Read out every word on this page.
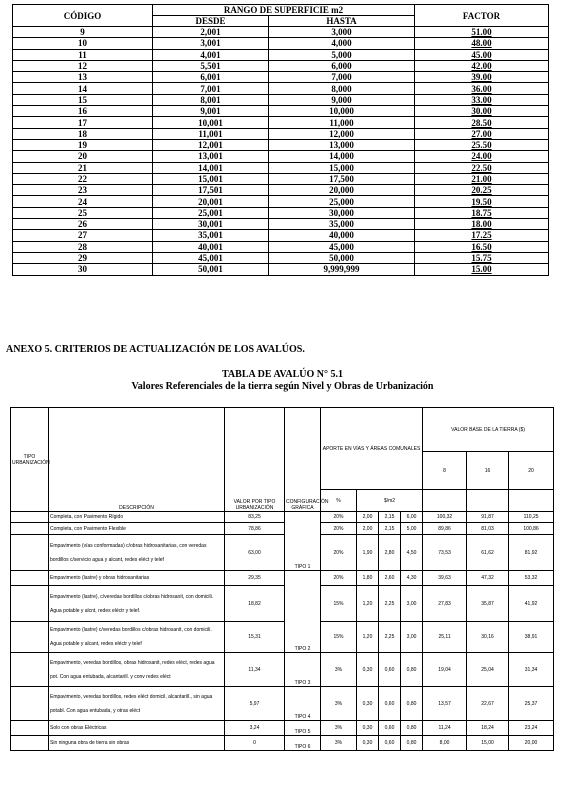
CÓDIGO	RANGO DE SUPERFICIE m2		FACTOR
	DESDE	HASTA	
9	2,001	3,000	51.00
10	3,001	4,000	48.00
11	4,001	5,000	45.00
12	5,501	6,000	42.00
13	6,001	7,000	39.00
14	7,001	8,000	36.00
15	8,001	9,000	33.00
16	9,001	10,000	30.00
17	10,001	11,000	28.50
18	11,001	12,000	27.00
19	12,001	13,000	25.50
20	13,001	14,000	24.00
21	14,001	15,000	22.50
22	15,001	17,500	21.00
23	17,501	20,000	20.25
24	20,001	25,000	19.50
25	25,001	30,000	18.75
26	30,001	35,000	18.00
27	35,001	40,000	17.25
28	40,001	45,000	16.50
29	45,001	50,000	15.75
30	50,001	9,999,999	15.00
ANEXO 5. CRITERIOS DE ACTUALIZACIÓN DE LOS AVALÚOS.
TABLA DE AVALÚO N° 5.1
Valores Referenciales de la tierra según Nivel y Obras de Urbanización
TIPO URBANIZACIÓN	DESCRIPCIÓN	VALOR POR TIPO URBANIZACIÓN	CONFIGURACIÓN GRÁFICA	APORTE EN VÍAS Y ÁREAS COMUNALES				VALOR BASE DE LA TIERRA ($)		
								8	16	20
				%	$/m2					
	Completa, con Pavimento Rígido	83,25	TIPO 1	20%	2,00	2,15	6,00	100,32	91,87	110,25
	Completa, con Pavimento Flexible	78,86		20%	2,00	2,15	5,00	89,86	81,03	100,86
	Empavimento (vías conformadas) c/obras hidrosanitarias, con veredas bordillos c/servicio agua y alcant, redes eléct y telef	63,00		20%	1,90	2,80	4,50	73,53	61,62	81,92
	Empavimento (lastre) y obras hidrosanitarias	29,35	TIPO 2	20%	1,80	2,60	4,30	39,63	47,32	53,32
	Empavimento (lastre), c/veredas bordillos c/obras hidrosanit, con domicili. Agua potable y alcnt, redes eléctr y telef.	18,82		15%	1,20	2,25	3,00	27,83	35,87	41,92
	Empavimento (lastre) c/veredas bordillos c/obras hidrosanit, con domicili. Agua potable y alcant, redes eléctr y telef	15,31		15%	1,20	2,25	3,00	25,11	30,16	38,91
	Empavimento, veredas bordillos, obras hidrosanit, redes eléct, redes agua pot. Con agua entubada, alcantarill. y conv redes eléct	11,34	TIPO 3	3%	0,30	0,60	0,80	19,04	25,04	31,34
	Empavimento, veredas bordillos, redes eléct domicil, alcantarill., sin agua potabl. Con agua entubada, y otras eléct	5,97	TIPO 4	3%	0,30	0,60	0,80	13,57	22,67	25,37
	Solo con obras Eléctricas	3,24	TIPO 5	3%	0,30	0,60	0,80	11,24	18,24	23,24
	Sin ninguna obra de tierra sin obras	0	TIPO 6	3%	0,30	0,60	0,80	8,00	15,00	20,00
